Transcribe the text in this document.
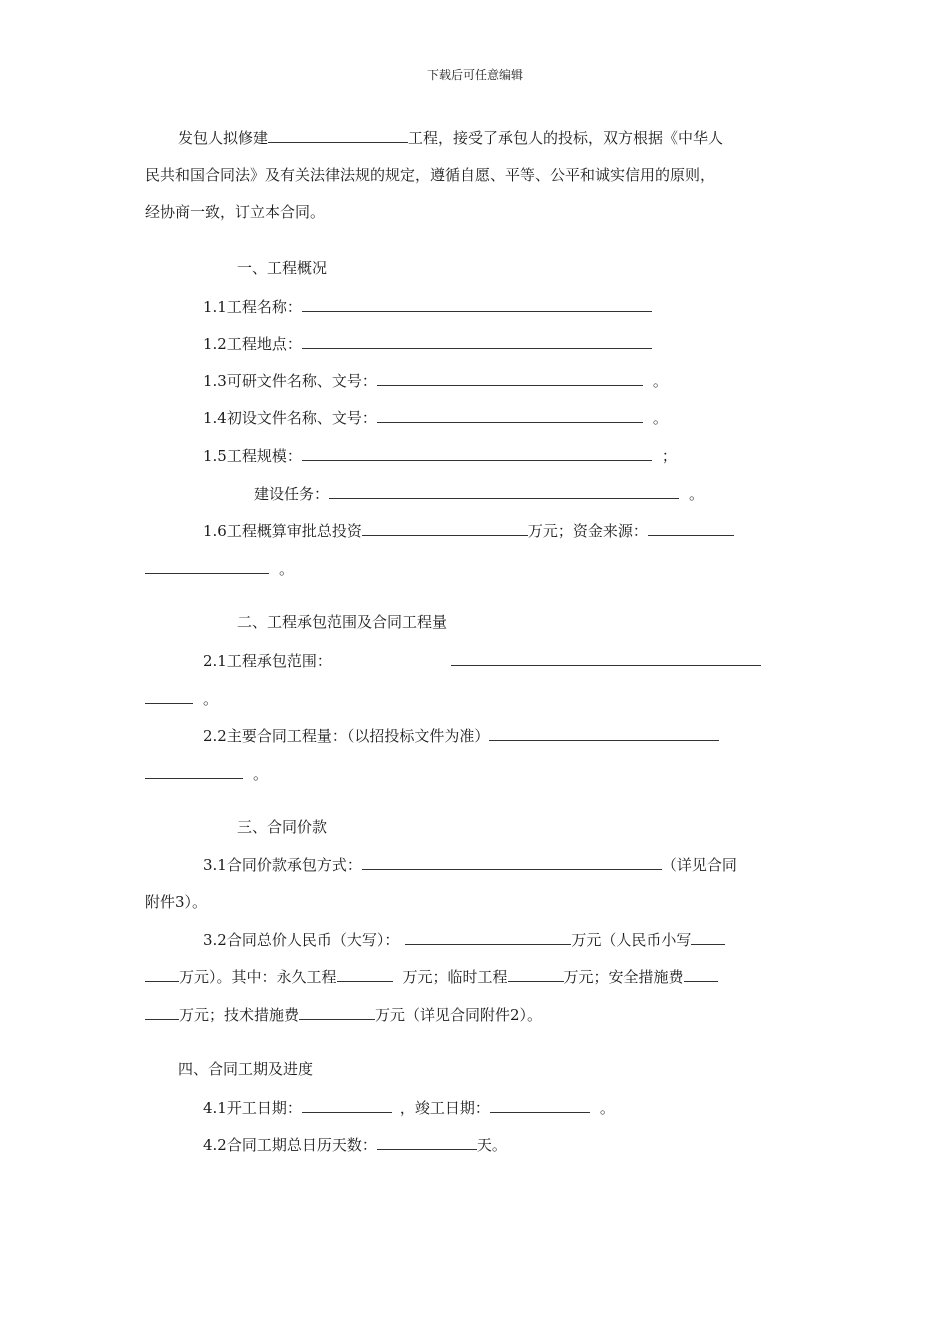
下载后可任意编辑
发包人拟修建	工程，接受了承包人的投标，双方根据《中华人
民共和国合同法》及有关法律法规的规定，遵循自愿、平等、公平和诚实信用的原则，
经协商一致，订立本合同。
一、工程概况
1.1工程名称：
1.2工程地点：
1.3可研文件名称、文号：	。
1.4初设文件名称、文号：	。
1.5工程规模：	；
建设任务：	。
1.6工程概算审批总投资	万元；资金来源：
。
二、工程承包范围及合同工程量
2.1工程承包范围：
。
2.2主要合同工程量：（以招投标文件为准）
。
三、合同价款
3.1合同价款承包方式：	（详见合同
附件3）。
3.2合同总价人民币（大写）：	万元（人民币小写
万元）。其中：永久工程	万元；临时工程	万元；安全措施费
万元；技术措施费	万元（详见合同附件2）。
四、合同工期及进度
4.1开工日期：	，竣工日期：	。
4.2合同工期总日历天数：	天。
